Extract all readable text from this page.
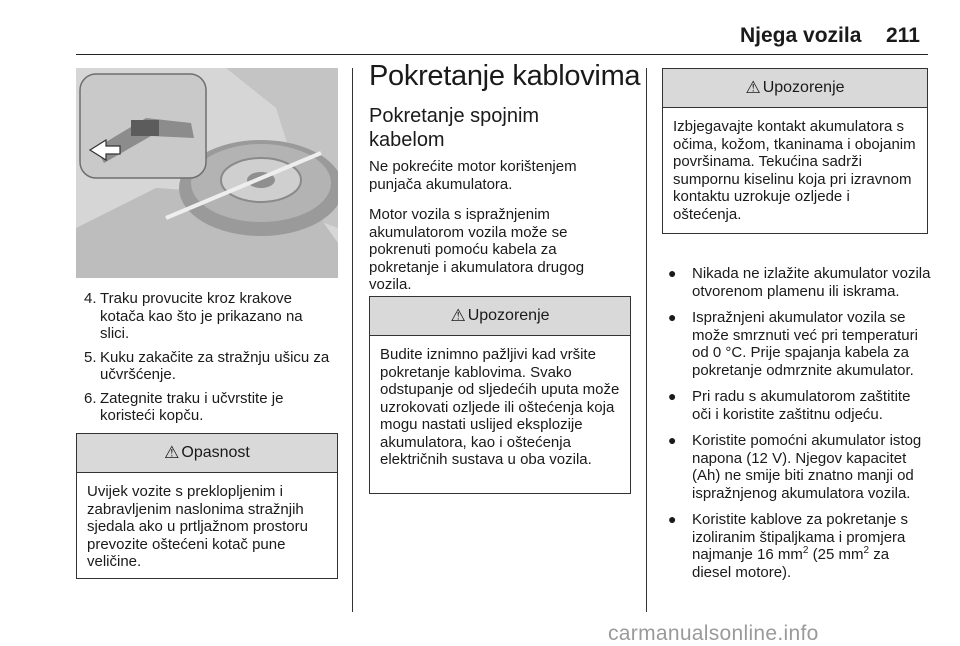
Njega vozila 211
4. Traku provucite kroz krakove kotača kao što je prikazano na slici.
5. Kuku zakačite za stražnju ušicu za učvršćenje.
6. Zategnite traku i učvrstite je koristeći kopču.
⚠ Opasnost
Uvijek vozite s preklopljenim i zabravljenim naslonima stražnjih sjedala ako u prtljažnom prostoru prevozite oštećeni kotač pune veličine.
Pokretanje kablovima
Pokretanje spojnim kabelom

Ne pokrećite motor korištenjem punjača akumulatora.

Motor vozila s ispražnjenim akumulatorom vozila može se pokrenuti pomoću kabela za pokretanje i akumulatora drugog vozila.

⚠ Upozorenje
Budite iznimno pažljivi kad vršite pokretanje kablovima. Svako odstupanje od sljedećih uputa može uzrokovati ozljede ili oštećenja koja mogu nastati uslijed eksplozije akumulatora, kao i oštećenja električnih sustava u oba vozila.
⚠ Upozorenje
Izbjegavajte kontakt akumulatora s očima, kožom, tkaninama i obojanim površinama. Tekućina sadrži sumpornu kiselinu koja pri izravnom kontaktu uzrokuje ozljede i oštećenja.
● Nikada ne izlažite akumulator vozila otvorenom plamenu ili iskrama.
● Ispražnjeni akumulator vozila se može smrznuti već pri temperaturi od 0 °C. Prije spajanja kabela za pokretanje odmrznite akumulator.
● Pri radu s akumulatorom zaštitite oči i koristite zaštitnu odjeću.
● Koristite pomoćni akumulator istog napona (12 V). Njegov kapacitet (Ah) ne smije biti znatno manji od ispražnjenog akumulatora vozila.
● Koristite kablove za pokretanje s izoliranim štipaljkama i promjera najmanje 16 $mm^2$ (25 $mm^2$ za diesel motore).
carmanualsonline.info
